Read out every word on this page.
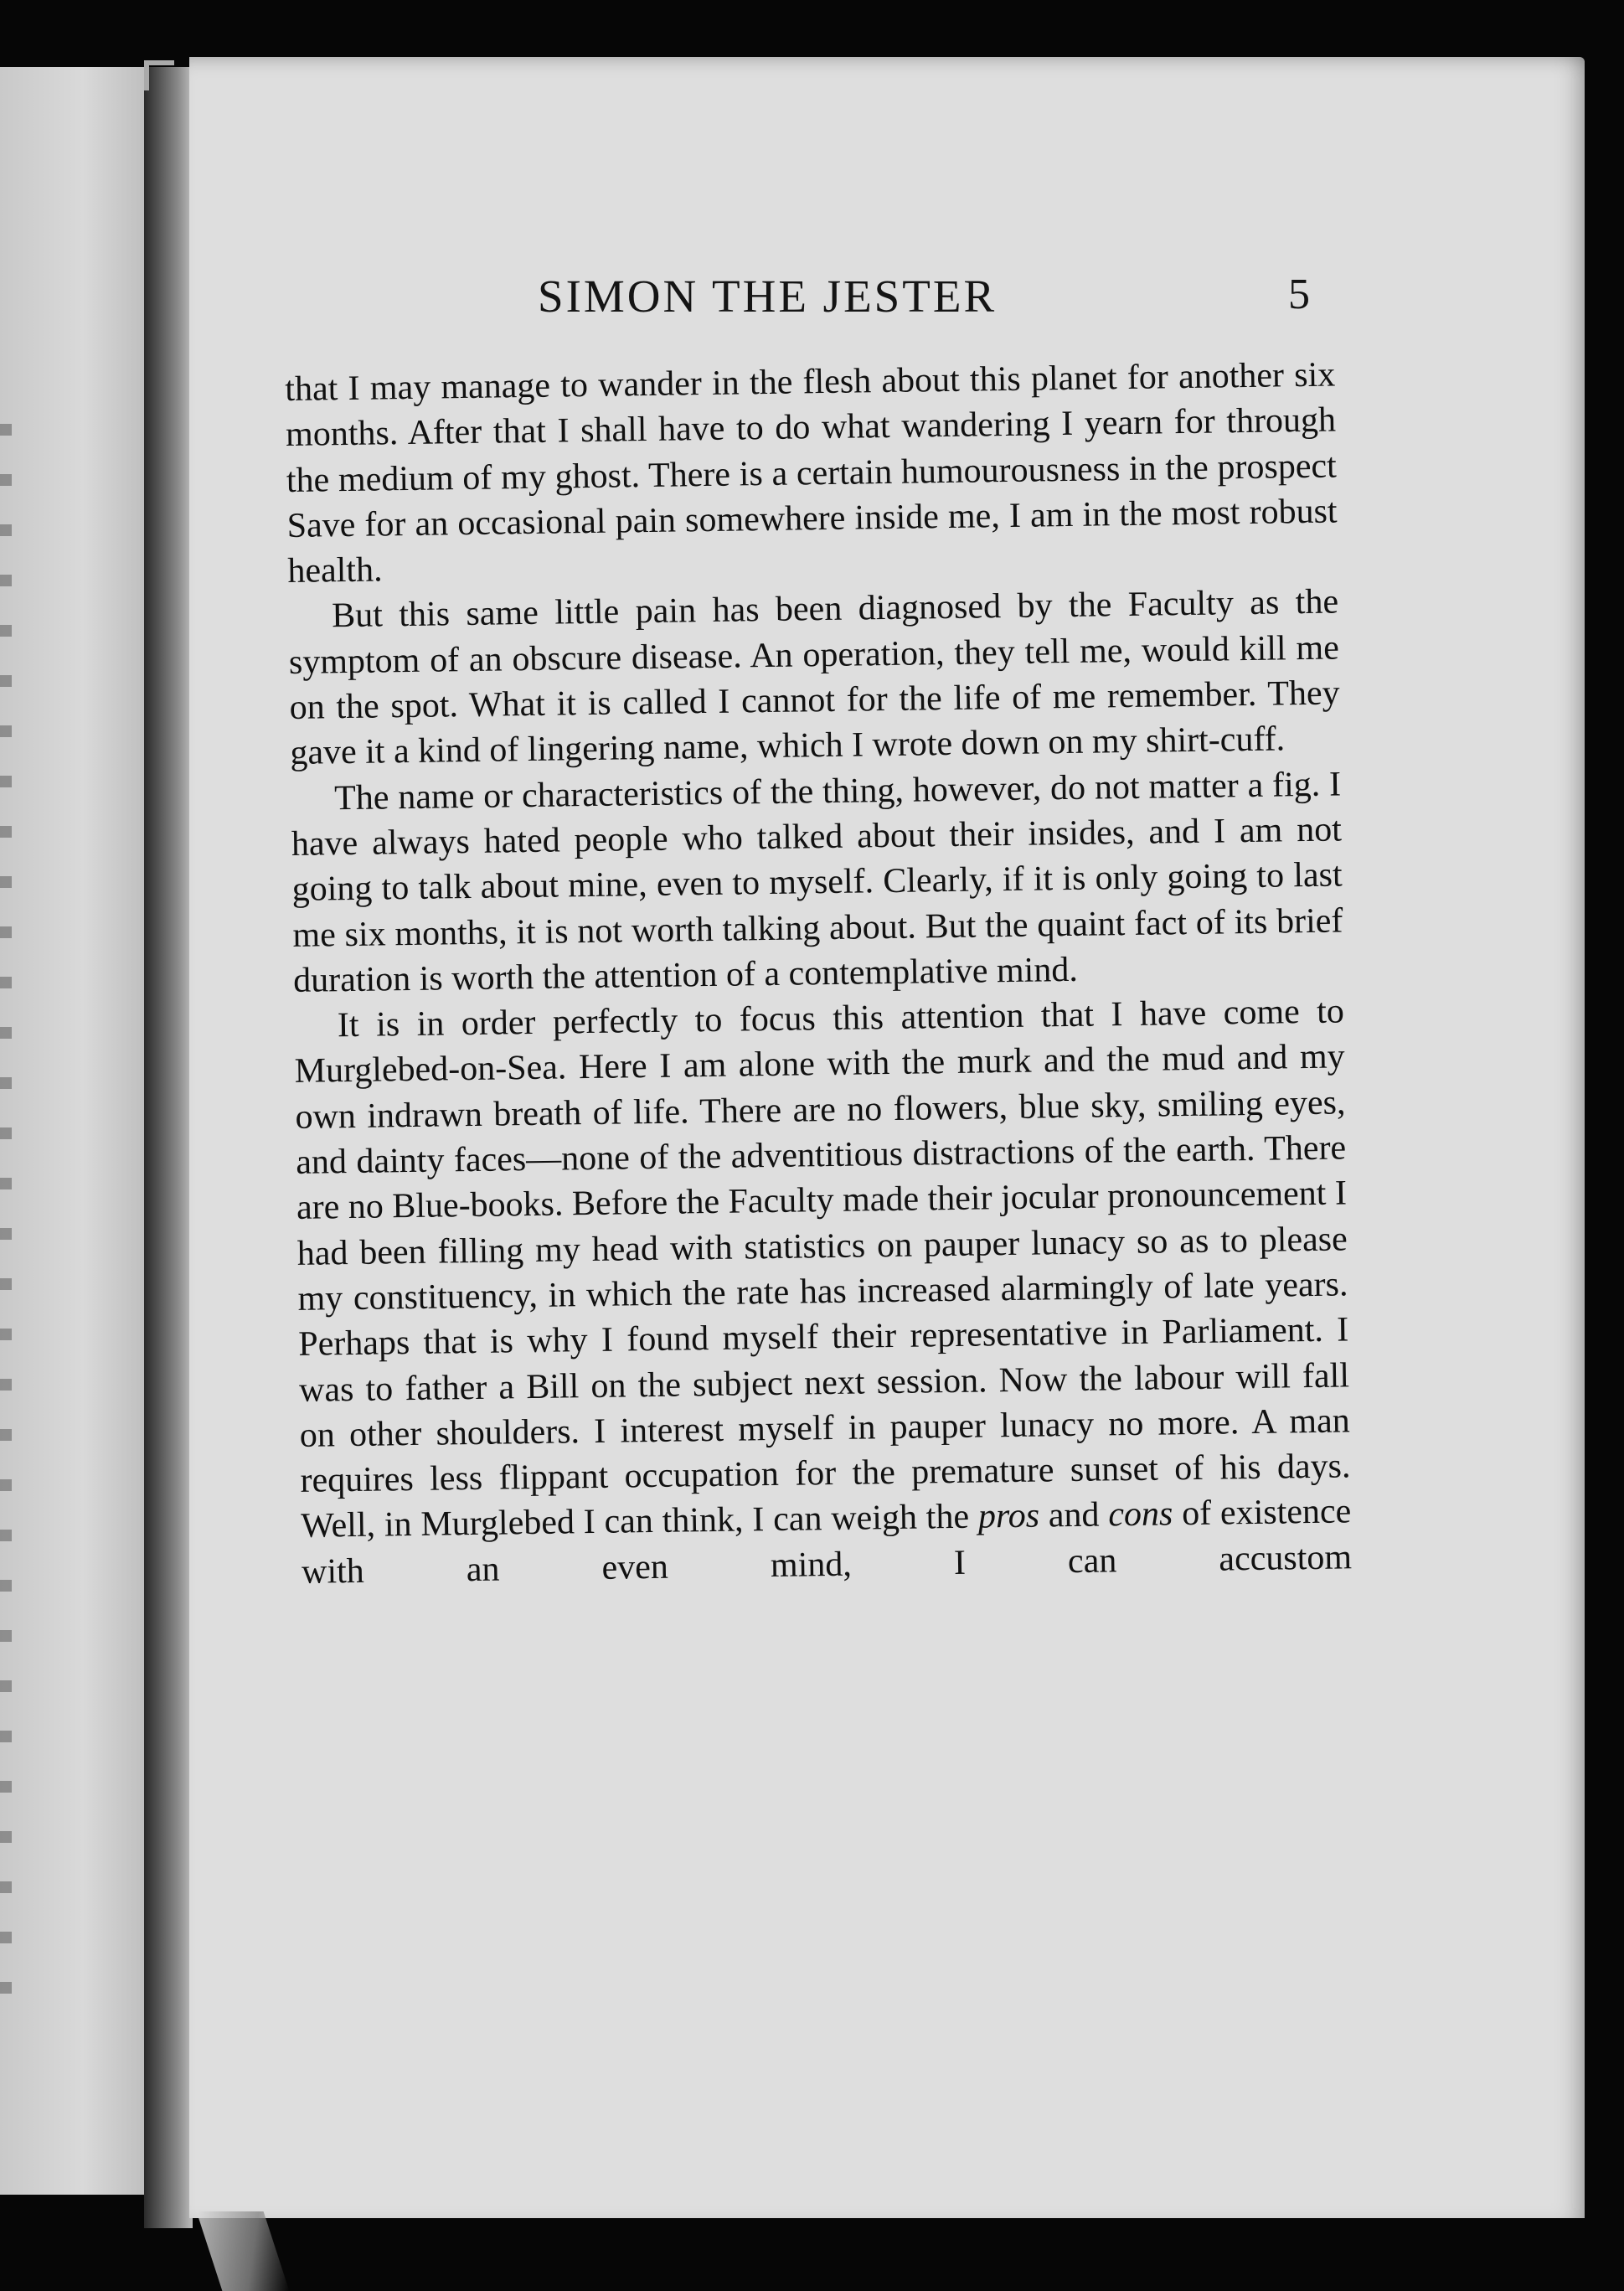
SIMON THE JESTER	5

that I may manage to wander in the flesh about this planet for another six months. After that I shall have to do what wandering I yearn for through the medium of my ghost. There is a certain humourousness in the prospect Save for an occasional pain somewhere inside me, I am in the most robust health.

But this same little pain has been diagnosed by the Faculty as the symptom of an obscure disease. An operation, they tell me, would kill me on the spot. What it is called I cannot for the life of me remember. They gave it a kind of lingering name, which I wrote down on my shirt-cuff.

The name or characteristics of the thing, however, do not matter a fig. I have always hated people who talked about their insides, and I am not going to talk about mine, even to myself. Clearly, if it is only going to last me six months, it is not worth talking about. But the quaint fact of its brief duration is worth the attention of a contemplative mind.

It is in order perfectly to focus this attention that I have come to Murglebed-on-Sea. Here I am alone with the murk and the mud and my own indrawn breath of life. There are no flowers, blue sky, smiling eyes, and dainty faces—none of the adventitious distractions of the earth. There are no Blue-books. Before the Faculty made their jocular pronouncement I had been filling my head with statistics on pauper lunacy so as to please my constituency, in which the rate has increased alarmingly of late years. Perhaps that is why I found myself their representative in Parliament. I was to father a Bill on the subject next session. Now the labour will fall on other shoulders. I interest myself in pauper lunacy no more. A man requires less flippant occupation for the premature sunset of his days. Well, in Murglebed I can think, I can weigh the pros and cons of existence with an even mind, I can accustom
